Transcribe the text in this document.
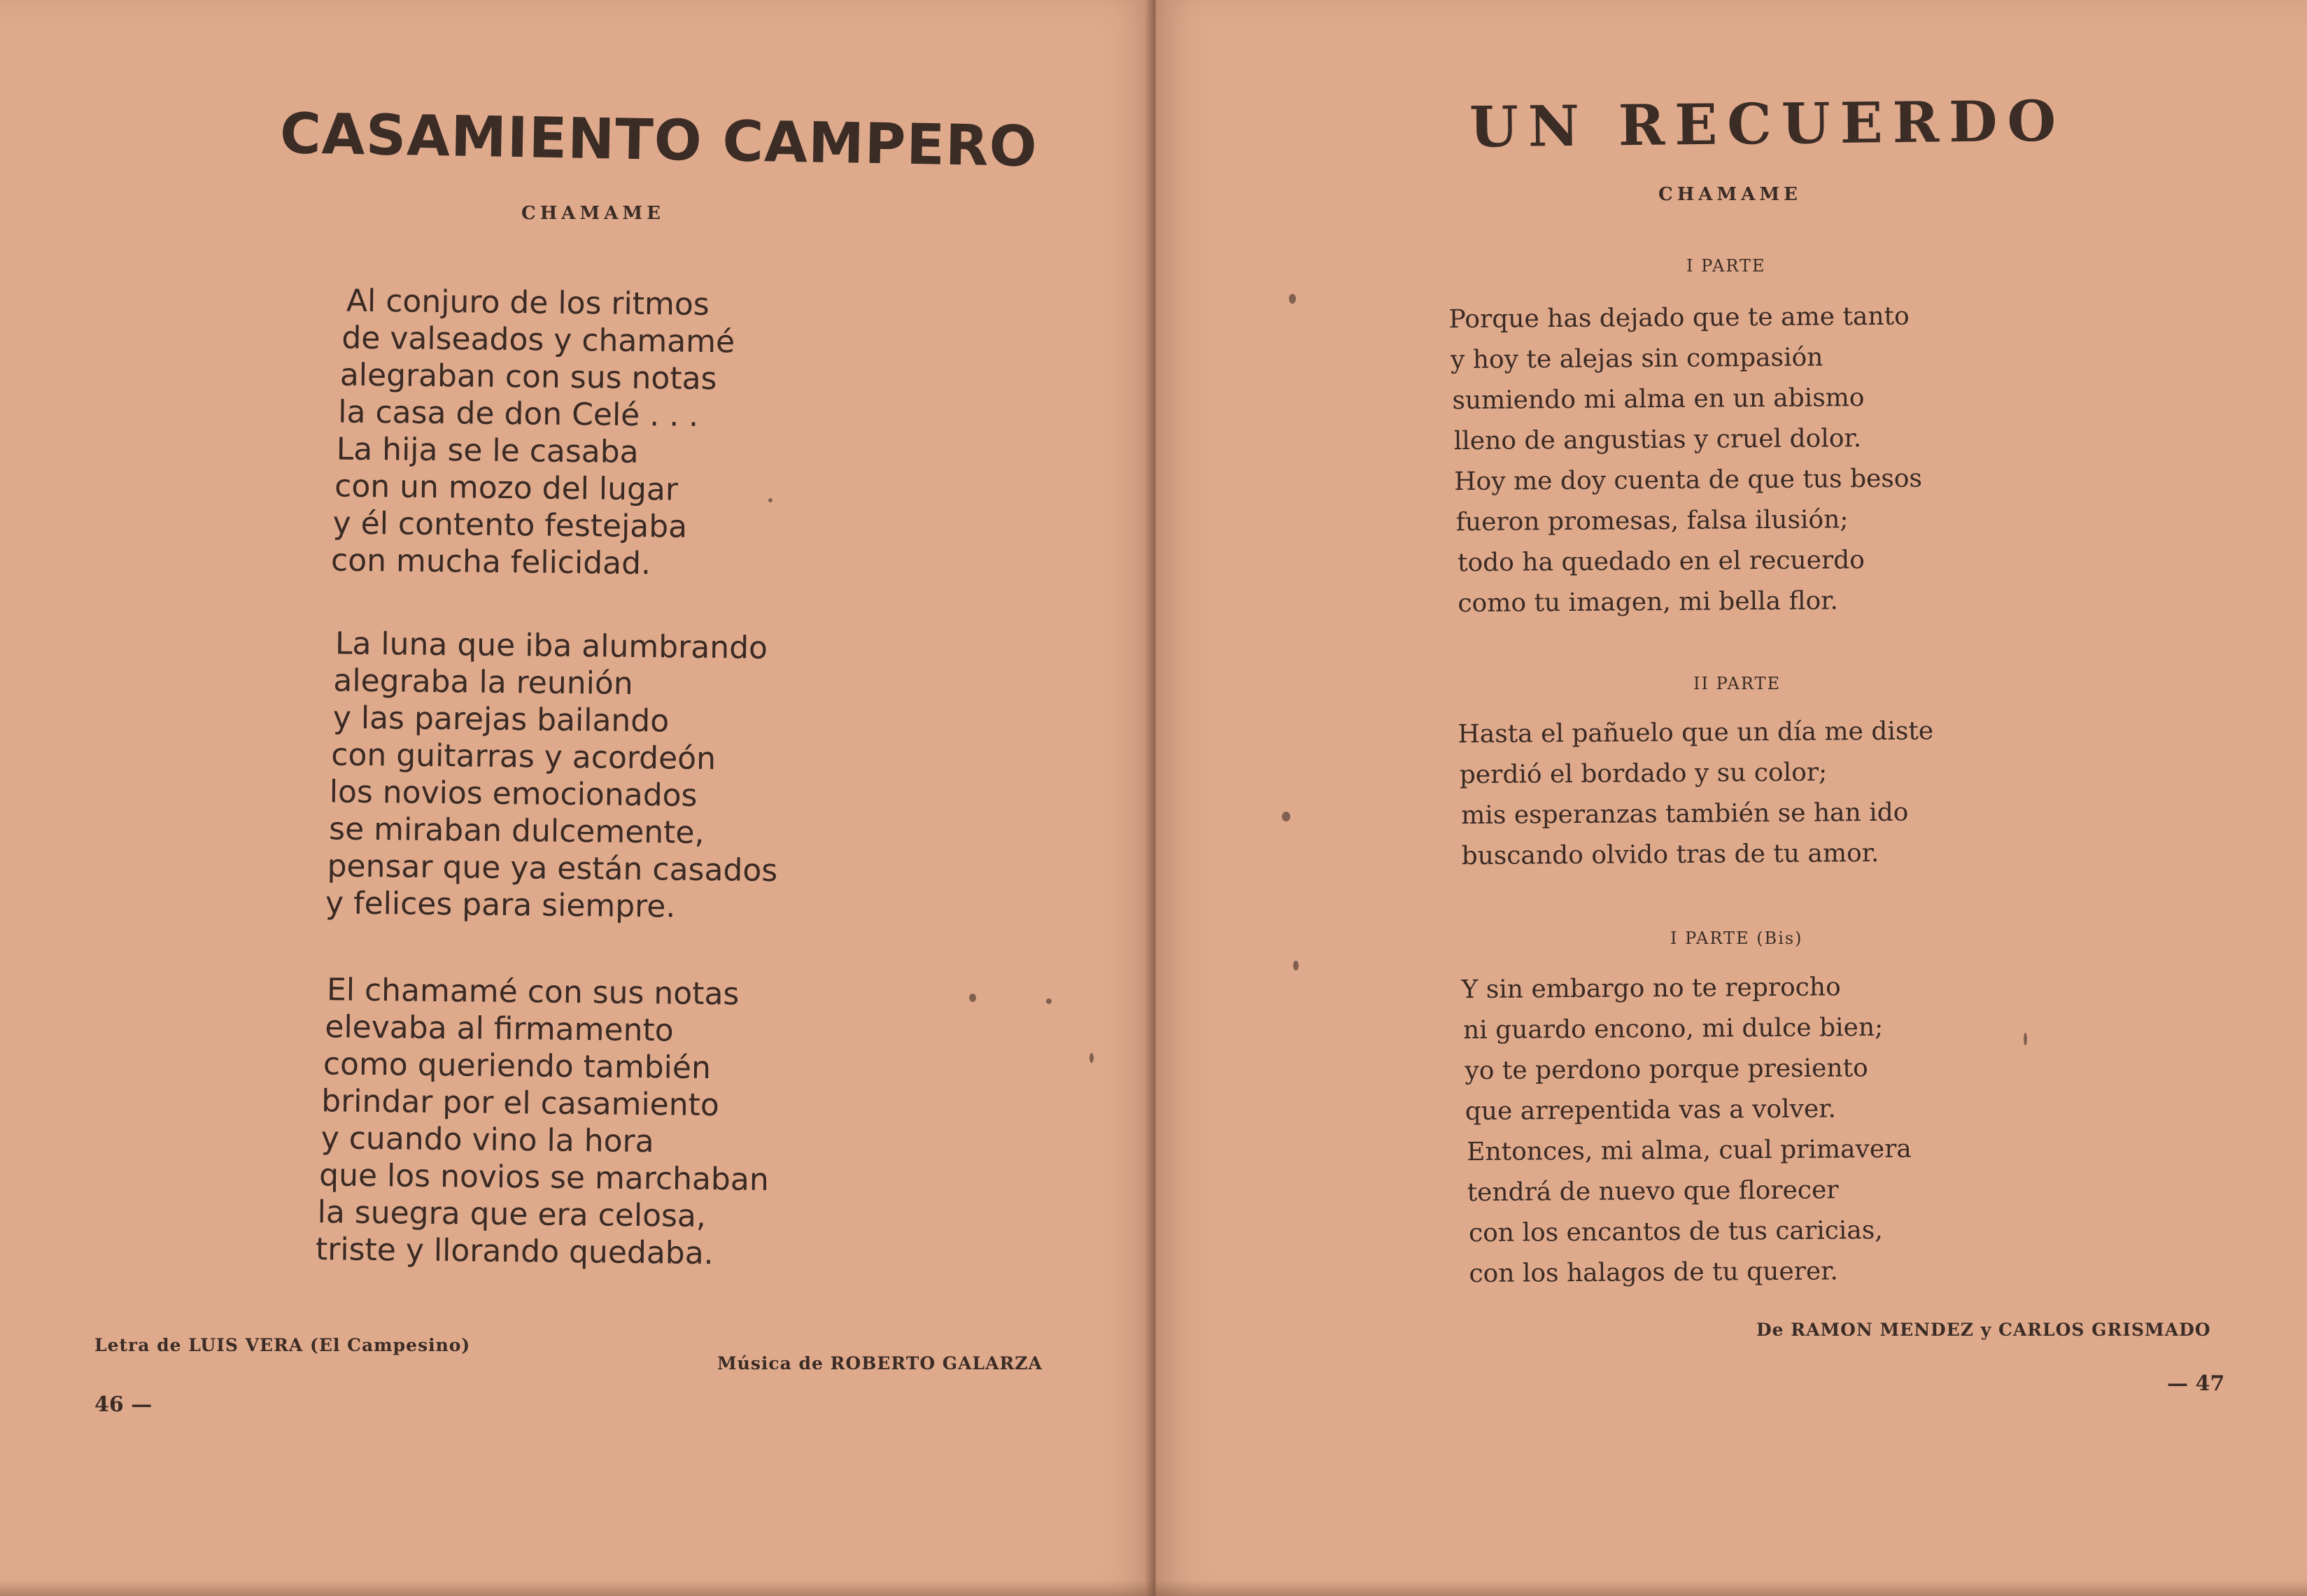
CASAMIENTO CAMPERO
CHAMAME
Al conjuro de los ritmos
de valseados y chamamé
alegraban con sus notas
la casa de don Celé . . .
La hija se le casaba
con un mozo del lugar
y él contento festejaba
con mucha felicidad.
La luna que iba alumbrando
alegraba la reunión
y las parejas bailando
con guitarras y acordeón
los novios emocionados
se miraban dulcemente,
pensar que ya están casados
y felices para siempre.
El chamamé con sus notas
elevaba al firmamento
como queriendo también
brindar por el casamiento
y cuando vino la hora
que los novios se marchaban
la suegra que era celosa,
triste y llorando quedaba.
Letra de LUIS VERA (El Campesino)
Música de ROBERTO GALARZA
46 —
UN RECUERDO
CHAMAME
I PARTE
Porque has dejado que te ame tanto
y hoy te alejas sin compasión
sumiendo mi alma en un abismo
lleno de angustias y cruel dolor.
Hoy me doy cuenta de que tus besos
fueron promesas, falsa ilusión;
todo ha quedado en el recuerdo
como tu imagen, mi bella flor.
II PARTE
Hasta el pañuelo que un día me diste
perdió el bordado y su color;
mis esperanzas también se han ido
buscando olvido tras de tu amor.
I PARTE (Bis)
Y sin embargo no te reprocho
ni guardo encono, mi dulce bien;
yo te perdono porque presiento
que arrepentida vas a volver.
Entonces, mi alma, cual primavera
tendrá de nuevo que florecer
con los encantos de tus caricias,
con los halagos de tu querer.
De RAMON MENDEZ y CARLOS GRISMADO
— 47
